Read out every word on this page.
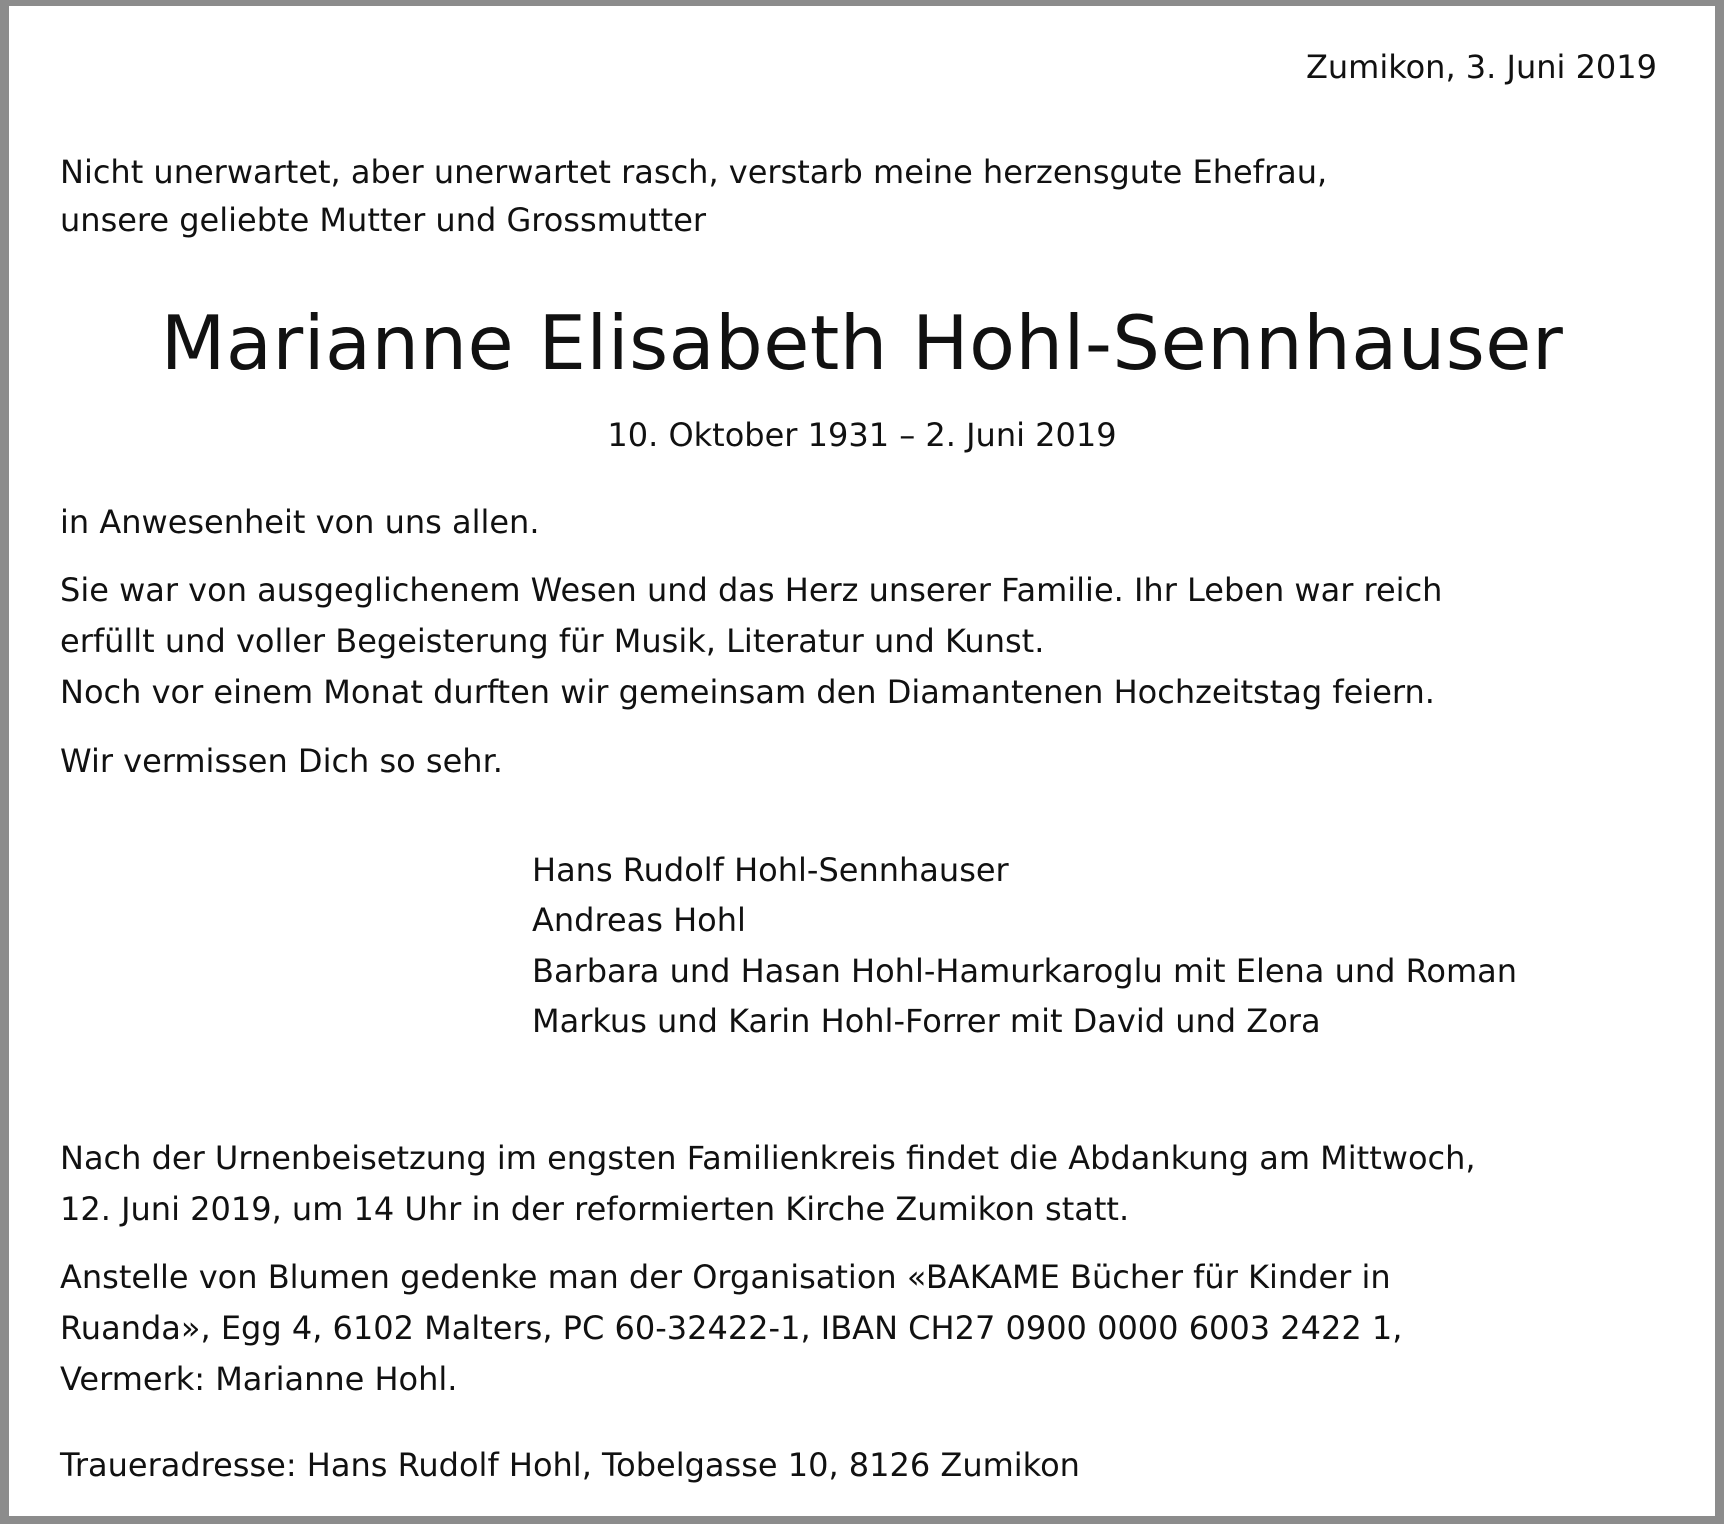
Zumikon, 3. Juni 2019
Nicht unerwartet, aber unerwartet rasch, verstarb meine herzensgute Ehefrau,
unsere geliebte Mutter und Grossmutter
Marianne Elisabeth Hohl-Sennhauser
10. Oktober 1931 – 2. Juni 2019
in Anwesenheit von uns allen.
Sie war von ausgeglichenem Wesen und das Herz unserer Familie. Ihr Leben war reich
erfüllt und voller Begeisterung für Musik, Literatur und Kunst.
Noch vor einem Monat durften wir gemeinsam den Diamantenen Hochzeitstag feiern.
Wir vermissen Dich so sehr.
Hans Rudolf Hohl-Sennhauser
Andreas Hohl
Barbara und Hasan Hohl-Hamurkaroglu mit Elena und Roman
Markus und Karin Hohl-Forrer mit David und Zora
Nach der Urnenbeisetzung im engsten Familienkreis findet die Abdankung am Mittwoch,
12. Juni 2019, um 14 Uhr in der reformierten Kirche Zumikon statt.
Anstelle von Blumen gedenke man der Organisation «BAKAME Bücher für Kinder in
Ruanda», Egg 4, 6102 Malters, PC 60-32422-1, IBAN CH27 0900 0000 6003 2422 1,
Vermerk: Marianne Hohl.
Traueradresse: Hans Rudolf Hohl, Tobelgasse 10, 8126 Zumikon
